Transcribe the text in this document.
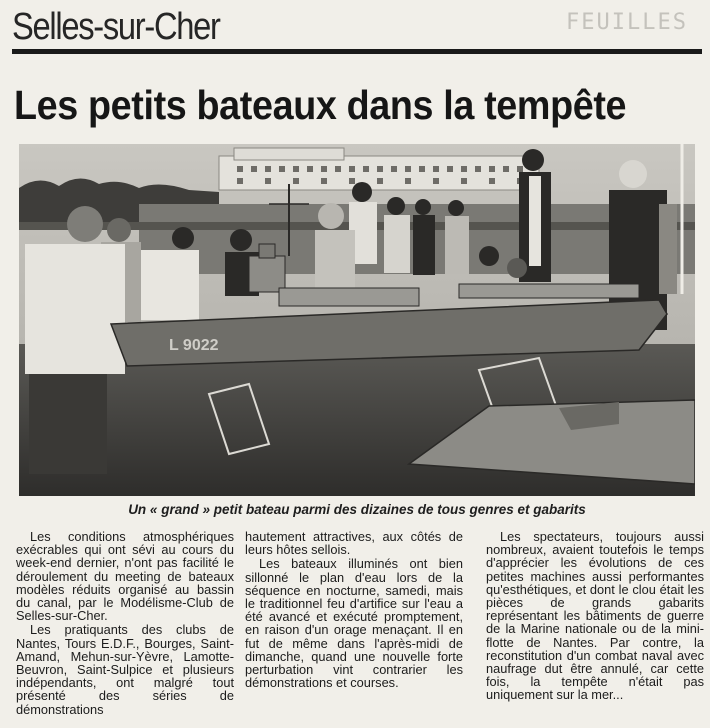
Selles-sur-Cher	FEUILLES
Les petits bateaux dans la tempête
L 9022
Un « grand » petit bateau parmi des dizaines de tous genres et gabarits

Les conditions atmosphériques exécrables qui ont sévi au cours du week-end dernier, n'ont pas facilité le déroulement du meeting de bateaux modèles réduits organisé au bassin du canal, par le Modélisme-Club de Selles-sur-Cher.

Les pratiquants des clubs de Nantes, Tours E.D.F., Bourges, Saint-Amand, Mehun-sur-Yèvre, Lamotte-Beuvron, Saint-Sulpice et plusieurs indépendants, ont malgré tout présenté des séries de démonstrations

hautement attractives, aux côtés de leurs hôtes sellois.

Les bateaux illuminés ont bien sillonné le plan d'eau lors de la séquence en nocturne, samedi, mais le traditionnel feu d'artifice sur l'eau a été avancé et exécuté promptement, en raison d'un orage menaçant. Il en fut de même dans l'après-midi de dimanche, quand une nouvelle forte perturbation vint contrarier les démonstrations et courses.

Les spectateurs, toujours aussi nombreux, avaient toutefois le temps d'apprécier les évolutions de ces petites machines aussi performantes qu'esthétiques, et dont le clou était les pièces de grands gabarits représentant les bâtiments de guerre de la Marine nationale ou de la mini-flotte de Nantes. Par contre, la reconstitution d'un combat naval avec naufrage dut être annulé, car cette fois, la tempête n'était pas uniquement sur la mer...
